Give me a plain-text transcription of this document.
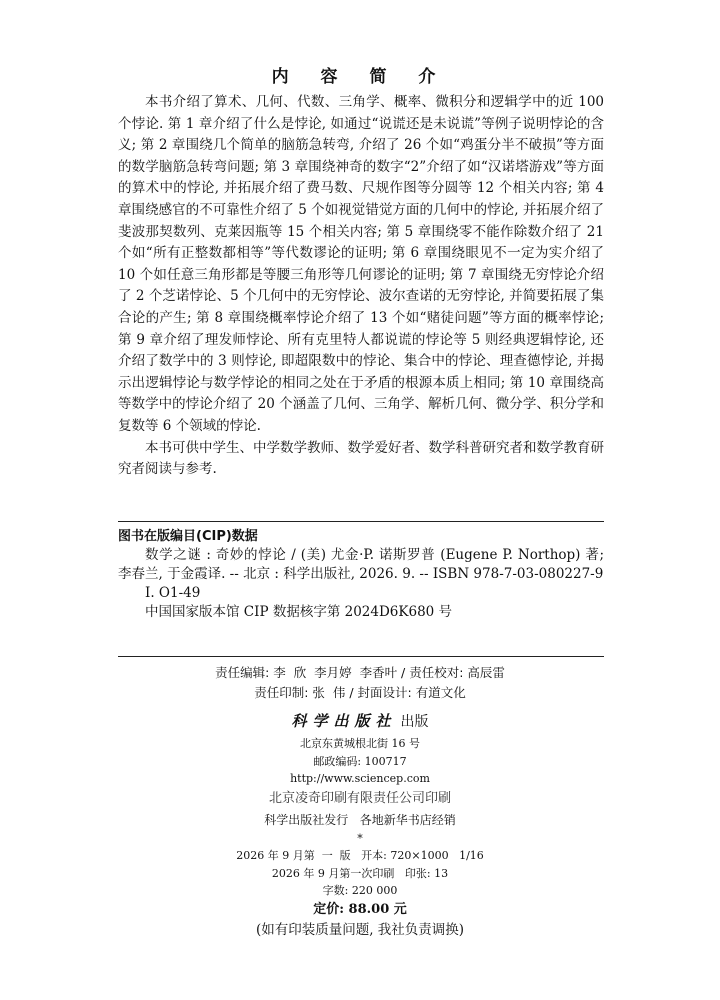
内 容 简 介

本书介绍了算术、几何、代数、三角学、概率、微积分和逻辑学中的近 100 个悖论. 第 1 章介绍了什么是悖论, 如通过“说谎还是未说谎”等例子说明悖论的含义; 第 2 章围绕几个简单的脑筋急转弯, 介绍了 26 个如“鸡蛋分半不破损”等方面的数学脑筋急转弯问题; 第 3 章围绕神奇的数字“2”介绍了如“汉诺塔游戏”等方面的算术中的悖论, 并拓展介绍了费马数、尺规作图等分圆等 12 个相关内容; 第 4 章围绕感官的不可靠性介绍了 5 个如视觉错觉方面的几何中的悖论, 并拓展介绍了斐波那契数列、克莱因瓶等 15 个相关内容; 第 5 章围绕零不能作除数介绍了 21 个如“所有正整数都相等”等代数谬论的证明; 第 6 章围绕眼见不一定为实介绍了 10 个如任意三角形都是等腰三角形等几何谬论的证明; 第 7 章围绕无穷悖论介绍了 2 个芝诺悖论、5 个几何中的无穷悖论、波尔查诺的无穷悖论, 并简要拓展了集合论的产生; 第 8 章围绕概率悖论介绍了 13 个如“赌徒问题”等方面的概率悖论; 第 9 章介绍了理发师悖论、所有克里特人都说谎的悖论等 5 则经典逻辑悖论, 还介绍了数学中的 3 则悖论, 即超限数中的悖论、集合中的悖论、理查德悖论, 并揭示出逻辑悖论与数学悖论的相同之处在于矛盾的根源本质上相同; 第 10 章围绕高等数学中的悖论介绍了 20 个涵盖了几何、三角学、解析几何、微分学、积分学和复数等 6 个领域的悖论.

本书可供中学生、中学数学教师、数学爱好者、数学科普研究者和数学教育研究者阅读与参考.

图书在版编目(CIP)数据

数学之谜 : 奇妙的悖论 / (美) 尤金·P. 诺斯罗普 (Eugene P. Northop) 著; 李春兰, 于金霞译. -- 北京 : 科学出版社, 2026. 9. -- ISBN 978-7-03-080227-9

Ⅰ. O1-49

中国国家版本馆 CIP 数据核字第 2024D6K680 号

责任编辑: 李  欣  李月婷  李香叶 / 责任校对: 高辰雷
责任印制: 张  伟 / 封面设计: 有道文化
科学出版社 出版
北京东黄城根北街 16 号
邮政编码: 100717
http://www.sciencep.com
北京凌奇印刷有限责任公司印刷
科学出版社发行   各地新华书店经销
*
2026 年 9 月第  一  版   开本: 720×1000   1/16
2026 年 9 月第一次印刷   印张: 13
字数: 220 000
定价: 88.00 元
(如有印装质量问题, 我社负责调换)
